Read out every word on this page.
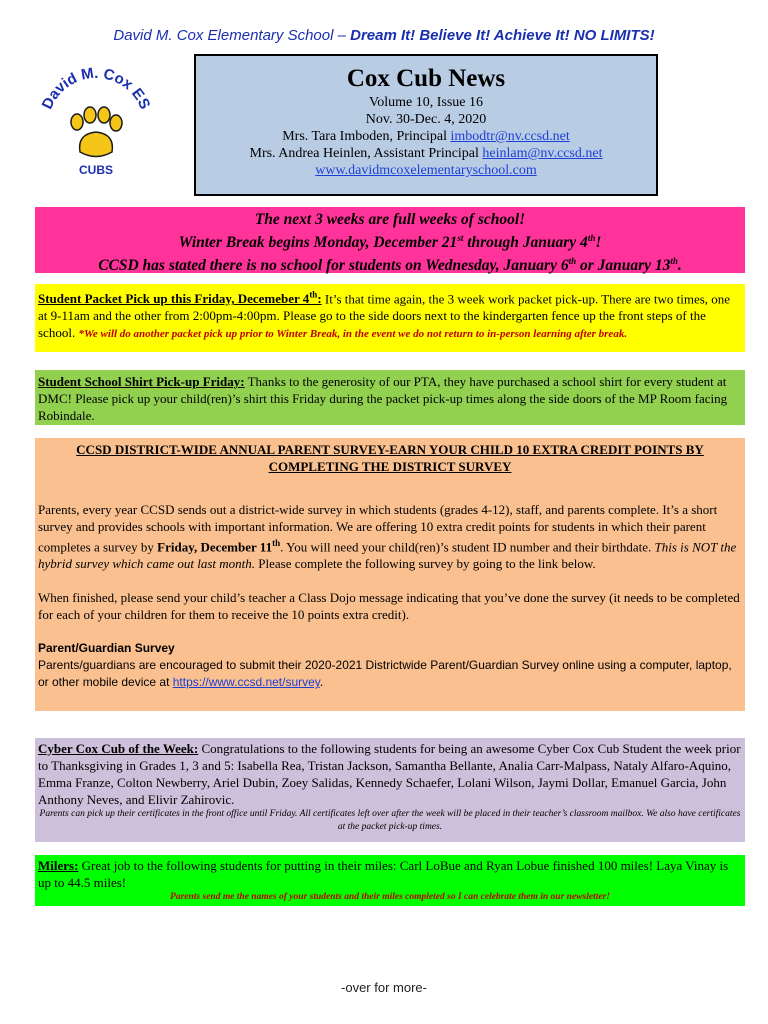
David M. Cox Elementary School – Dream It! Believe It! Achieve It! NO LIMITS!
David M. Cox ES
CUBS
Cox Cub News
Volume 10, Issue 16
Nov. 30-Dec. 4, 2020
Mrs. Tara Imboden, Principal imbodtr@nv.ccsd.net
Mrs. Andrea Heinlen, Assistant Principal heinlam@nv.ccsd.net
www.davidmcoxelementaryschool.com
The next 3 weeks are full weeks of school!
Winter Break begins Monday, December 21st through January 4th!
CCSD has stated there is no school for students on Wednesday, January 6th or January 13th.
Student Packet Pick up this Friday, Decemeber 4th: It’s that time again, the 3 week work packet pick-up. There are two times, one at 9-11am and the other from 2:00pm-4:00pm. Please go to the side doors next to the kindergarten fence up the front steps of the school. *We will do another packet pick up prior to Winter Break, in the event we do not return to in-person learning after break.
Student School Shirt Pick-up Friday: Thanks to the generosity of our PTA, they have purchased a school shirt for every student at DMC! Please pick up your child(ren)’s shirt this Friday during the packet pick-up times along the side doors of the MP Room facing Robindale.
CCSD DISTRICT-WIDE ANNUAL PARENT SURVEY-EARN YOUR CHILD 10 EXTRA CREDIT POINTS BY COMPLETING THE DISTRICT SURVEY

Parents, every year CCSD sends out a district-wide survey in which students (grades 4-12), staff, and parents complete. It’s a short survey and provides schools with important information. We are offering 10 extra credit points for students in which their parent completes a survey by Friday, December 11th. You will need your child(ren)’s student ID number and their birthdate. This is NOT the hybrid survey which came out last month. Please complete the following survey by going to the link below.

When finished, please send your child’s teacher a Class Dojo message indicating that you’ve done the survey (it needs to be completed for each of your children for them to receive the 10 points extra credit).

Parent/Guardian Survey
Parents/guardians are encouraged to submit their 2020-2021 Districtwide Parent/Guardian Survey online using a computer, laptop, or other mobile device at https://www.ccsd.net/survey.
Cyber Cox Cub of the Week: Congratulations to the following students for being an awesome Cyber Cox Cub Student the week prior to Thanksgiving in Grades 1, 3 and 5: Isabella Rea, Tristan Jackson, Samantha Bellante, Analia Carr-Malpass, Nataly Alfaro-Aquino, Emma Franze, Colton Newberry, Ariel Dubin, Zoey Salidas, Kennedy Schaefer, Lolani Wilson, Jaymi Dollar, Emanuel Garcia, John Anthony Neves, and Elivir Zahirovic.
Parents can pick up their certificates in the front office until Friday. All certificates left over after the week will be placed in their teacher’s classroom mailbox. We also have certificates at the packet pick-up times.
Milers: Great job to the following students for putting in their miles: Carl LoBue and Ryan Lobue finished 100 miles! Laya Vinay is up to 44.5 miles!
Parents send me the names of your students and their miles completed so I can celebrate them in our newsletter!
-over for more-
